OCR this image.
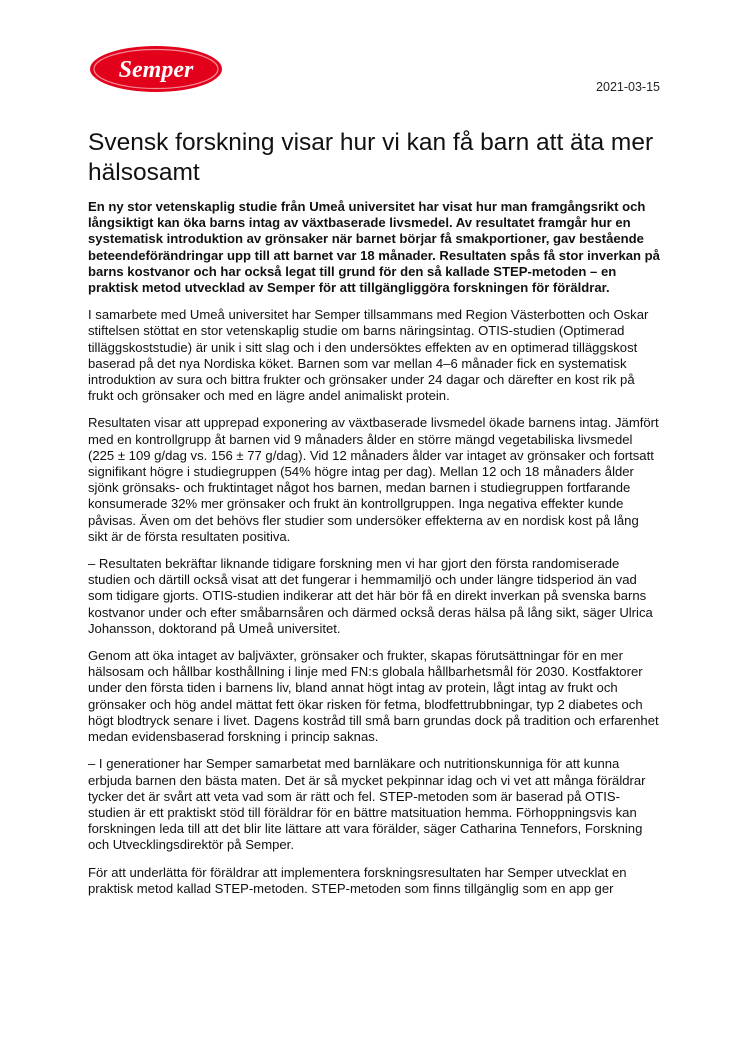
Semper
2021-03-15
Svensk forskning visar hur vi kan få barn att äta mer hälsosamt

En ny stor vetenskaplig studie från Umeå universitet har visat hur man framgångsrikt och långsiktigt kan öka barns intag av växtbaserade livsmedel. Av resultatet framgår hur en systematisk introduktion av grönsaker när barnet börjar få smakportioner, gav bestående beteendeförändringar upp till att barnet var 18 månader. Resultaten spås få stor inverkan på barns kostvanor och har också legat till grund för den så kallade STEP-metoden – en praktisk metod utvecklad av Semper för att tillgängliggöra forskningen för föräldrar.

I samarbete med Umeå universitet har Semper tillsammans med Region Västerbotten och Oskar stiftelsen stöttat en stor vetenskaplig studie om barns näringsintag. OTIS-studien (Optimerad tilläggskoststudie) är unik i sitt slag och i den undersöktes effekten av en optimerad tilläggskost baserad på det nya Nordiska köket. Barnen som var mellan 4–6 månader fick en systematisk introduktion av sura och bittra frukter och grönsaker under 24 dagar och därefter en kost rik på frukt och grönsaker och med en lägre andel animaliskt protein.

Resultaten visar att upprepad exponering av växtbaserade livsmedel ökade barnens intag. Jämfört med en kontrollgrupp åt barnen vid 9 månaders ålder en större mängd vegetabiliska livsmedel (225 ± 109 g/dag vs. 156 ± 77 g/dag). Vid 12 månaders ålder var intaget av grönsaker och fortsatt signifikant högre i studiegruppen (54% högre intag per dag). Mellan 12 och 18 månaders ålder sjönk grönsaks- och fruktintaget något hos barnen, medan barnen i studiegruppen fortfarande konsumerade 32% mer grönsaker och frukt än kontrollgruppen. Inga negativa effekter kunde påvisas. Även om det behövs fler studier som undersöker effekterna av en nordisk kost på lång sikt är de första resultaten positiva.

– Resultaten bekräftar liknande tidigare forskning men vi har gjort den första randomiserade studien och därtill också visat att det fungerar i hemmamiljö och under längre tidsperiod än vad som tidigare gjorts. OTIS-studien indikerar att det här bör få en direkt inverkan på svenska barns kostvanor under och efter småbarnsåren och därmed också deras hälsa på lång sikt, säger Ulrica Johansson, doktorand på Umeå universitet.

Genom att öka intaget av baljväxter, grönsaker och frukter, skapas förutsättningar för en mer hälsosam och hållbar kosthållning i linje med FN:s globala hållbarhetsmål för 2030. Kostfaktorer under den första tiden i barnens liv, bland annat högt intag av protein, lågt intag av frukt och grönsaker och hög andel mättat fett ökar risken för fetma, blodfettrubbningar, typ 2 diabetes och högt blodtryck senare i livet. Dagens kostråd till små barn grundas dock på tradition och erfarenhet medan evidensbaserad forskning i princip saknas.

– I generationer har Semper samarbetat med barnläkare och nutritionskunniga för att kunna erbjuda barnen den bästa maten. Det är så mycket pekpinnar idag och vi vet att många föräldrar tycker det är svårt att veta vad som är rätt och fel. STEP-metoden som är baserad på OTIS-studien är ett praktiskt stöd till föräldrar för en bättre matsituation hemma. Förhoppningsvis kan forskningen leda till att det blir lite lättare att vara förälder, säger Catharina Tennefors, Forskning och Utvecklingsdirektör på Semper.

För att underlätta för föräldrar att implementera forskningsresultaten har Semper utvecklat en praktisk metod kallad STEP-metoden. STEP-metoden som finns tillgänglig som en app ger
